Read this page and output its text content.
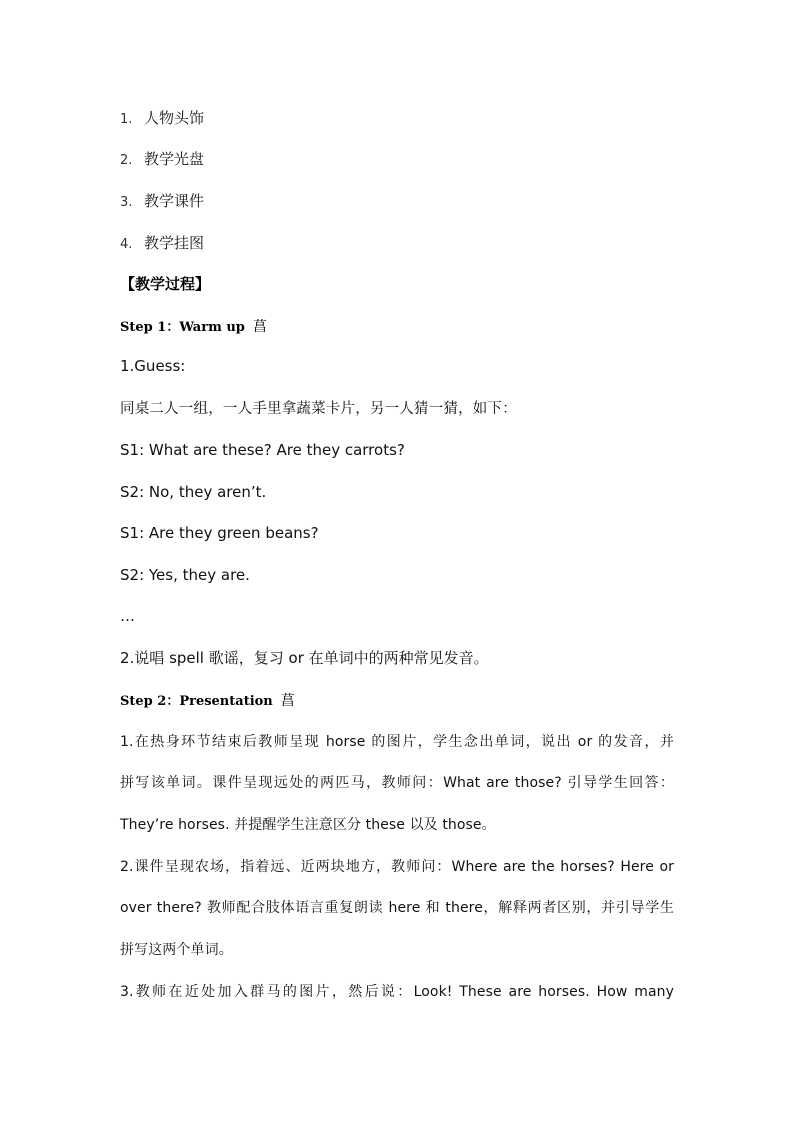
1. 人物头饰
2. 教学光盘
3. 教学课件
4. 教学挂图
【教学过程】
Step 1：Warm up 菖
1.Guess:
同桌二人一组，一人手里拿蔬菜卡片，另一人猜一猜，如下：
S1: What are these? Are they carrots?
S2: No, they aren’t.
S1: Are they green beans?
S2: Yes, they are.
…
2.说唱 spell 歌谣，复习 or 在单词中的两种常见发音。
Step 2：Presentation 菖
1.在热身环节结束后教师呈现 horse 的图片，学生念出单词，说出 or 的发音，并
拼写该单词。课件呈现远处的两匹马，教师问：What are those? 引导学生回答：
They’re horses. 并提醒学生注意区分 these 以及 those。
2.课件呈现农场，指着远、近两块地方，教师问：Where are the horses? Here or
over there? 教师配合肢体语言重复朗读 here 和 there，解释两者区别，并引导学生
拼写这两个单词。
3.教师在近处加入群马的图片，然后说：Look! These are horses. How many
